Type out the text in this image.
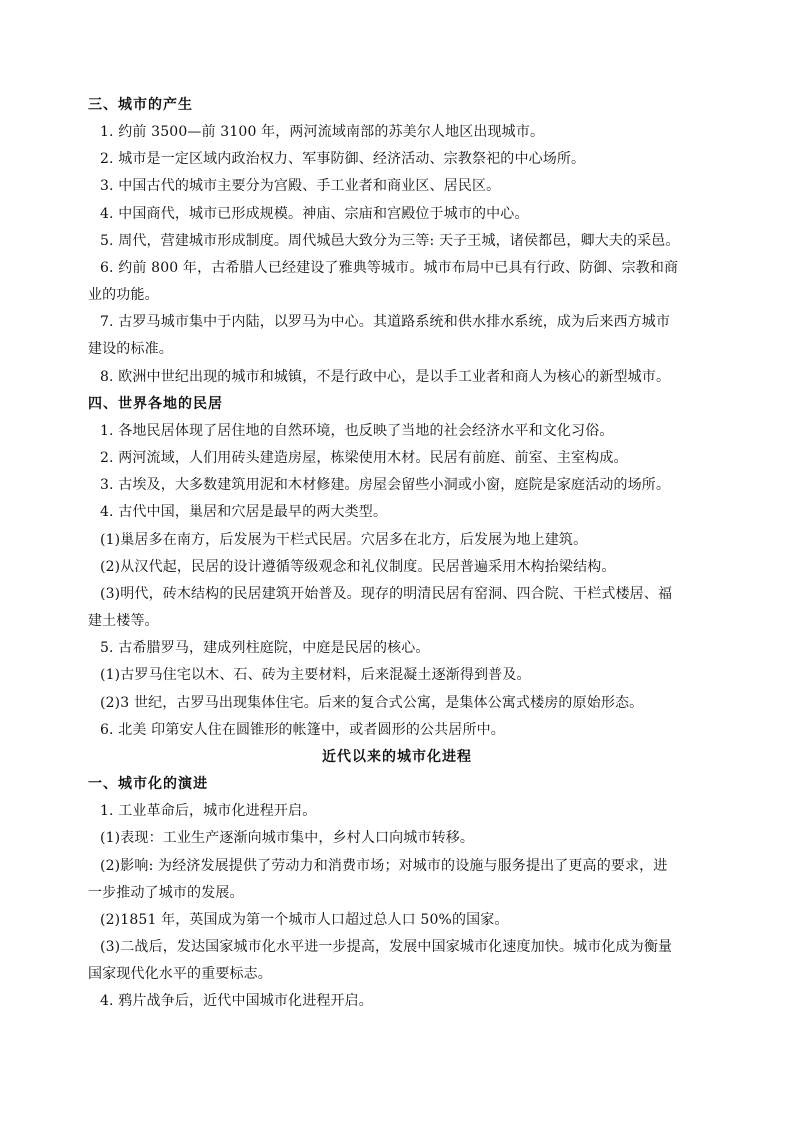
三、城市的产生
1. 约前 3500—前 3100 年，两河流域南部的苏美尔人地区出现城市。
2. 城市是一定区域内政治权力、军事防御、经济活动、宗教祭祀的中心场所。
3. 中国古代的城市主要分为宫殿、手工业者和商业区、居民区。
4. 中国商代，城市已形成规模。神庙、宗庙和宫殿位于城市的中心。
5. 周代，营建城市形成制度。周代城邑大致分为三等: 天子王城，诸侯都邑，卿大夫的采邑。
6. 约前 800 年，古希腊人已经建设了雅典等城市。城市布局中已具有行政、防御、宗教和商
业的功能。
7. 古罗马城市集中于内陆，以罗马为中心。其道路系统和供水排水系统，成为后来西方城市
建设的标准。
8. 欧洲中世纪出现的城市和城镇，不是行政中心，是以手工业者和商人为核心的新型城市。
四、世界各地的民居
1. 各地民居体现了居住地的自然环境，也反映了当地的社会经济水平和文化习俗。
2. 两河流域，人们用砖头建造房屋，栋梁使用木材。民居有前庭、前室、主室构成。
3. 古埃及，大多数建筑用泥和木材修建。房屋会留些小洞或小窗，庭院是家庭活动的场所。
4. 古代中国，巢居和穴居是最早的两大类型。
(1)巢居多在南方，后发展为干栏式民居。穴居多在北方，后发展为地上建筑。
(2)从汉代起，民居的设计遵循等级观念和礼仪制度。民居普遍采用木构抬梁结构。
(3)明代，砖木结构的民居建筑开始普及。现存的明清民居有窑洞、四合院、干栏式楼居、福
建土楼等。
5. 古希腊罗马，建成列柱庭院，中庭是民居的核心。
(1)古罗马住宅以木、石、砖为主要材料，后来混凝土逐渐得到普及。
(2)3 世纪，古罗马出现集体住宅。后来的复合式公寓，是集体公寓式楼房的原始形态。
6. 北美 印第安人住在圆锥形的帐篷中，或者圆形的公共居所中。
近代以来的城市化进程
一、城市化的演进
1. 工业革命后，城市化进程开启。
(1)表现：工业生产逐渐向城市集中，乡村人口向城市转移。
(2)影响: 为经济发展提供了劳动力和消费市场；对城市的设施与服务提出了更高的要求，进
一步推动了城市的发展。
(2)1851 年，英国成为第一个城市人口超过总人口 50%的国家。
(3)二战后，发达国家城市化水平进一步提高，发展中国家城市化速度加快。城市化成为衡量
国家现代化水平的重要标志。
4. 鸦片战争后，近代中国城市化进程开启。
